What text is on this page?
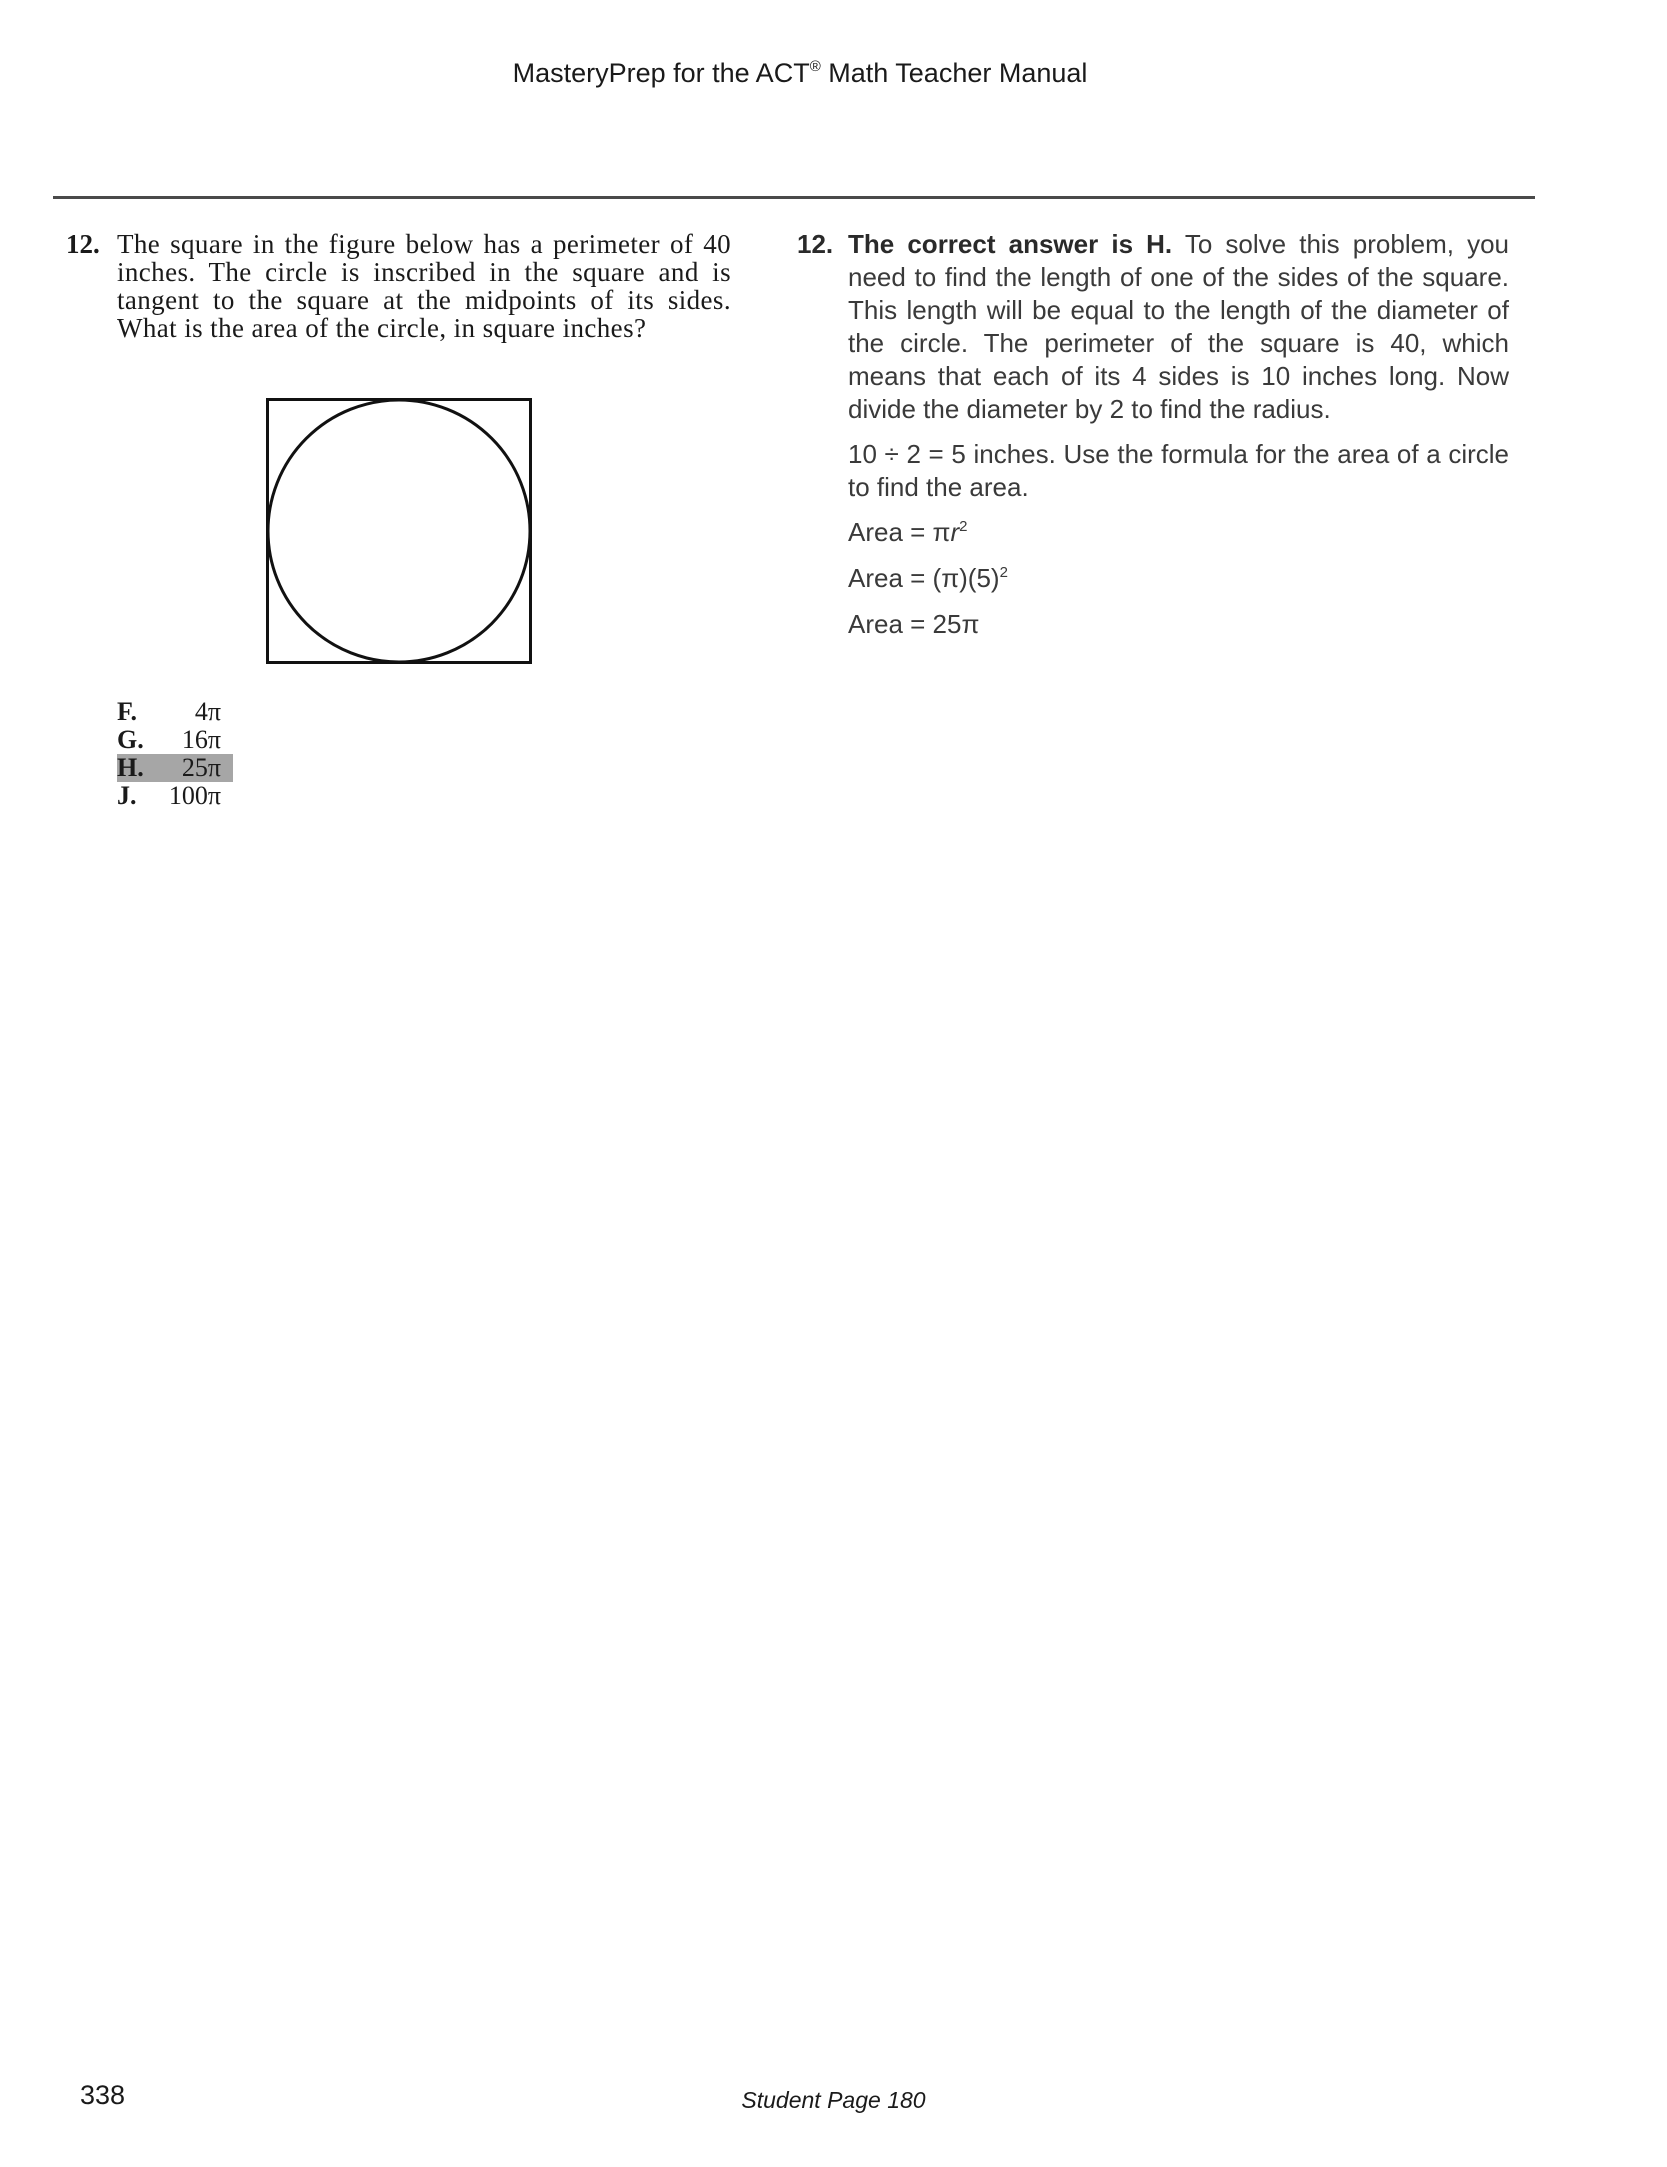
MasteryPrep for the ACT® Math Teacher Manual
12. The square in the figure below has a perimeter of 40 inches. The circle is inscribed in the square and is tangent to the square at the midpoints of its sides. What is the area of the circle, in square inches?
F. 4π
G. 16π
H. 25π
J. 100π
12. The correct answer is H. To solve this problem, you need to find the length of one of the sides of the square. This length will be equal to the length of the diameter of the circle. The perimeter of the square is 40, which means that each of its 4 sides is 10 inches long. Now divide the diameter by 2 to find the radius.

10 ÷ 2 = 5 inches. Use the formula for the area of a circle to find the area.

Area = $\pi r^2$

Area = $(\pi)(5)^2$

Area = 25π

338	Student Page 180
